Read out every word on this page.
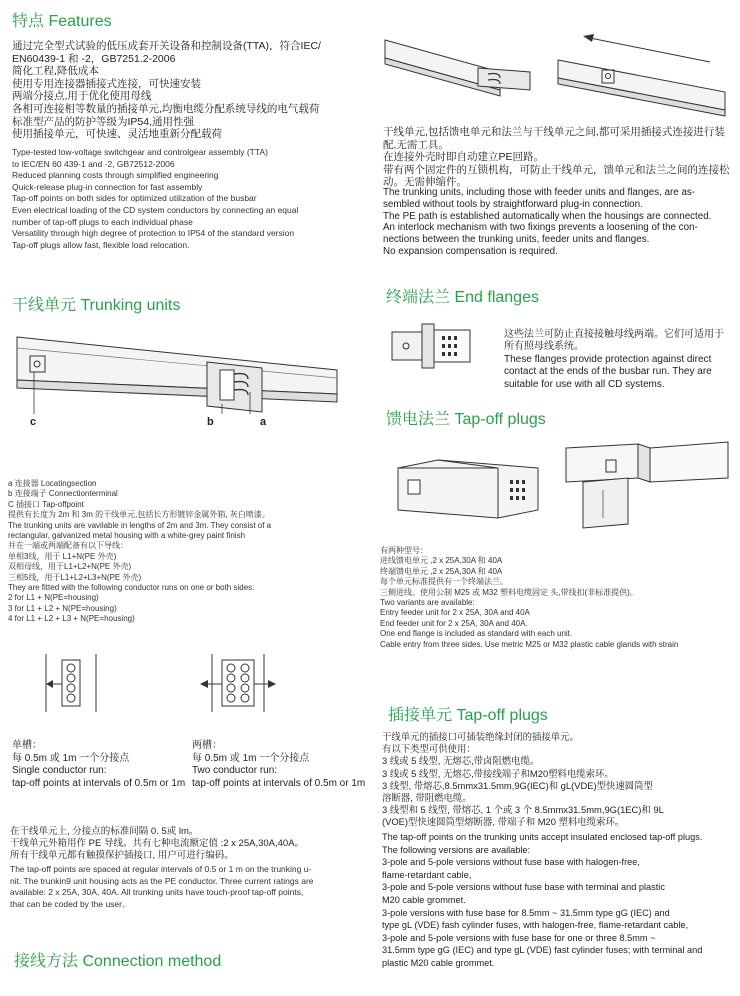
特点 Features
通过完全型式试验的低压成套开关设备和控制设备(TTA)，符合IEC/
EN60439-1 和 -2，GB7251.2-2006
简化工程,降低成本
使用专用连接器插接式连接，可快速安装
两端分接点,用于优化使用母线
各相可连接相等数量的插接单元,均衡电缆分配系统导线的电气载荷
标准型产品的防护等级为IP54,通用性强
使用插接单元，可快速、灵活地重新分配载荷
Type-tested low-voltage switchgear and controlgear assembly (TTA)
to IEC/EN 60 439-1 and -2, GB72512-2006
Reduced planning costs through simplified engineering
Quick-release plug-in connection for fast assembly
Tap-off points on both sides for optimized utilization of the busbar
Even electrical loading of the CD system conductors by connecting an equal
number of tap-off plugs to each individual phase
Versatility through high degree of protection to IP54 of the standard version
Tap-off plugs allow fast, flexible load relocation.
干线单元 Trunking units
c	b	a
a 连接器 Locatingsection
b 连接端子 Connectionterminal
C 插接口 Tap-offpoint
提供有长度为 2m 和 3m 的干线单元,包括长方形镀锌金属外箱, 灰白喷漆。
The trunking units are vavilable in lengths of 2m and 3m. They consist of a
rectangular, galvanized metal housing with a white-grey paint finish
并在一端或两端配备有以下导线：
单相3线，用于 L1+N(PE 外壳)
双相母线，用于L1+L2+N(PE 外壳)
三相5线，用于L1+L2+L3+N(PE 外壳)
They are fitted with the following conductor runs on one or both sides:
2 for L1 + N(PE=housing)
3 for L1 + L2 + N(PE=housing)
4 for L1 + L2 + L3 + N(PE=housing)
单槽：
每 0.5m 或 1m 一个分接点
Single conductor run:
tap-off points at intervals of 0.5m or 1m
两槽：
每 0.5m 或 1m 一个分接点
Two conductor run:
tap-off points at intervals of 0.5m or 1m
在干线单元上, 分接点的标准间隔 0. 5或 lm。
干线单元外箱用作 PE 导线。共有七种电流额定值 :2 x 25A,30A,40A。
所有干线单元都有触摸保护插接口, 用户可进行编码。
The tap-off points are spaced at regular intervals of 0.5 or 1 m on the trunking u-
nit. The trunkin9 unit housing acts as the PE conductor. Three current ratings are
available: 2 x 25A, 30A, 40A. All trunking units have touch-proof tap-off points,
that can be coded by the user。
接线方法 Connection method
干线单元,包括馈电单元和法兰与干线单元之间,都可采用插接式连接进行装
配,无需工具。
在连接外壳时即自动建立PE回路。
带有两个固定件的互锁机构，可防止干线单元，馈单元和法兰之间的连接松
动。无需伸缩件。
The trunking units, including those with feeder units and flanges, are as-
sembled without tools by straightforward plug-in connection.
The PE path is established automatically when the housings are connected.
An interlock mechanism with two fixings prevents a loosening of the con-
nections between the trunking units, feeder units and flanges.
No expansion compensation is required.
终端法兰 End flanges
这些法兰可防止直接接触母线两端。它们可适用于
所有照母线系统。
These flanges provide protection against direct
contact at the ends of the busbar run. They are
suitable for use with all CD systems.
馈电法兰 Tap-off plugs
有两种型号：
进线馈电单元 ,2 x 25A,30A 和 40A
终端馈电单元 ,2 x 25A,30A 和 40A
每个单元标准提供有一个终端法兰。
三侧进线。使用公制 M25 或 M32 塑料电缆固定 头,带线扣(非标准提供)。
Two variants are available:
Entry feeder unit for 2 x 25A, 30A and 40A
End feeder unit for 2 x 25A, 30A and 40A.
One end flange is included as standard with each unit.
Cable entry from three sides. Use metric M25 or M32 plastic cable glands with strain
插接单元 Tap-off plugs
干线单元的插接口可插装绝缘封闭的插接单元。
有以下类型可供使用：
3 线或 5 线型, 无熔芯,带卤阻燃电缆。
3 线或 5 线型, 无熔芯,带接线端子和M20塑料电缆索环。
3 线型, 带熔芯,8.5mmx31.5mm,9G(IEC)和 gL(VDE)型快速圆筒型
溶断器, 带阻燃电缆。
3 线型和 5 线型, 带熔芯, 1 个或 3 个 8.5mmx31.5mm,9G(1EC)和 9L
(VOE)型快速圆筒型熔断器, 带端子和 M20 塑料电缆索环。
The tap-off points on the trunking units accept insulated enclosed tap-off plugs.
The following versions are available:
3-pole and 5-pole versions without fuse base with halogen-free,
flame-retardant cable,
3-pole and 5-pole versions without fuse base with terminal and plastic
M20 cable grommet.
3-pole versions with fuse base for 8.5mm ~ 31.5mm type gG (IEC) and
type gL (VDE) fash cylinder fuses, with halogen-free, flame-retardant cable,
3-pole and 5-pole versions with fuse base for one or three 8.5mm ~
31.5mm type gG (IEC) and type gL (VDE) fast cylinder fuses; with terminal and
plastic M20 cable grommet.
